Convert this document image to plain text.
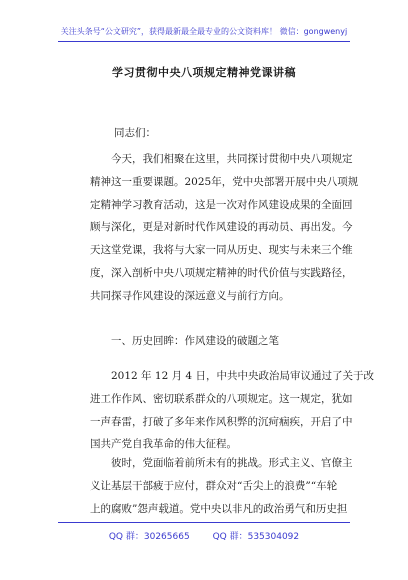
关注头条号“公文研究”，获得最新最全最专业的公文资料库！ 微信：gongwenyj
学习贯彻中央八项规定精神党课讲稿
同志们：
今天，我们相聚在这里，共同探讨贯彻中央八项规定
精神这一重要课题。2025年，党中央部署开展中央八项规
定精神学习教育活动，这是一次对作风建设成果的全面回
顾与深化，更是对新时代作风建设的再动员、再出发。今
天这堂党课，我将与大家一同从历史、现实与未来三个维
度，深入剖析中央八项规定精神的时代价值与实践路径，
共同探寻作风建设的深远意义与前行方向。
一、历史回眸：作风建设的破题之笔
2012 年 12 月 4 日，中共中央政治局审议通过了关于改
进工作作风、密切联系群众的八项规定。这一规定，犹如
一声春雷，打破了多年来作风积弊的沉疴痼疾，开启了中
国共产党自我革命的伟大征程。
彼时，党面临着前所未有的挑战。形式主义、官僚主
义让基层干部疲于应付，群众对“舌尖上的浪费”“车轮
上的腐败”怨声载道。党中央以非凡的政治勇气和历史担
QQ 群：30265665	QQ 群：535304092
